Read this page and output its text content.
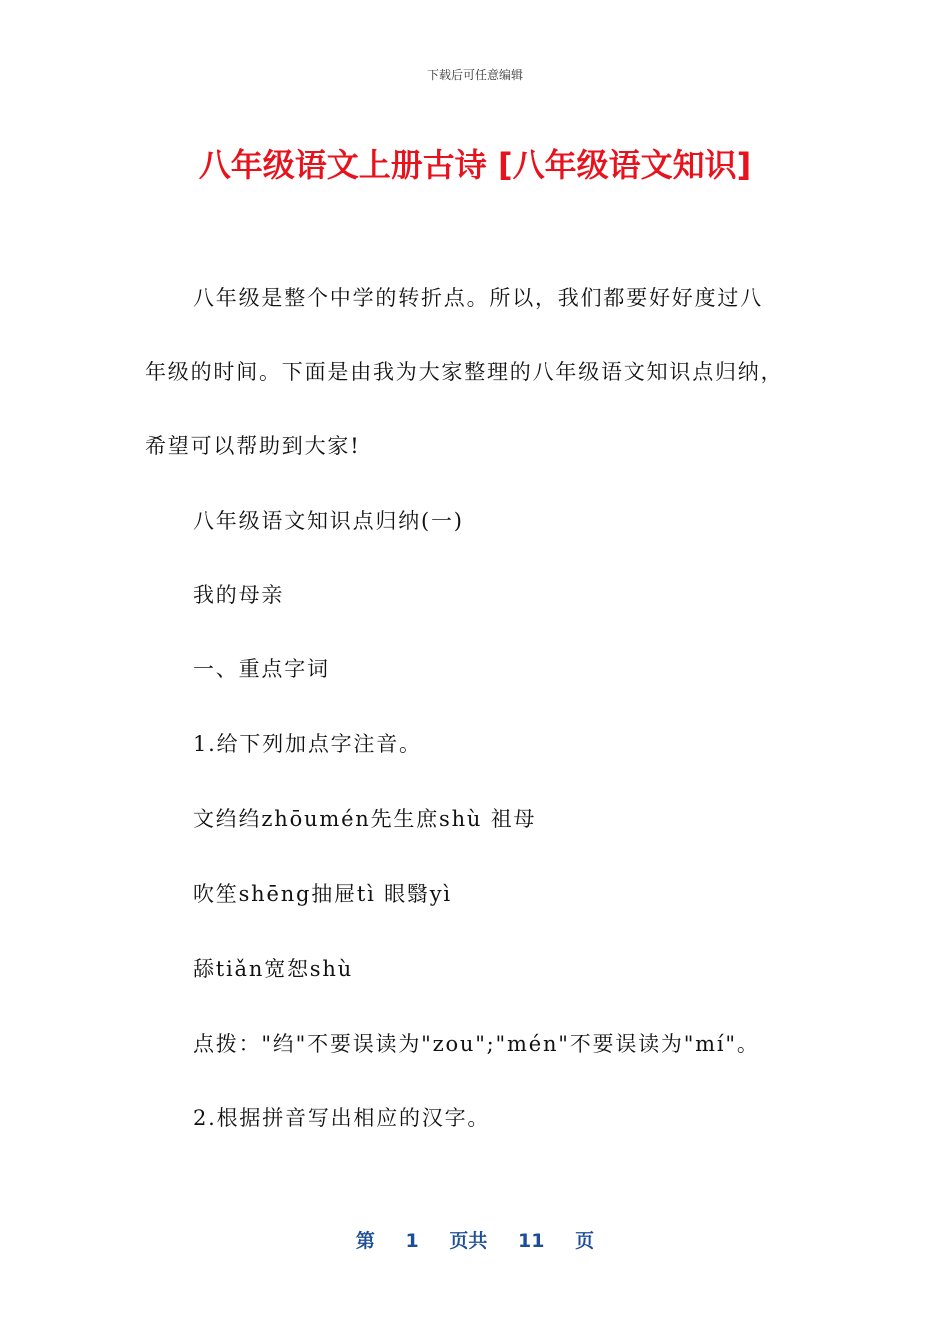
下载后可任意编辑
八年级语文上册古诗 [八年级语文知识]
八年级是整个中学的转折点。所以，我们都要好好度过八
年级的时间。下面是由我为大家整理的八年级语文知识点归纳，
希望可以帮助到大家!
八年级语文知识点归纳(一)
我的母亲
一、重点字词
1.给下列加点字注音。
文绉绉zhōumén先生庶shù 祖母
吹笙shēng抽屉tì 眼翳yì
舔tiǎn宽恕shù
点拨："绉"不要误读为"zou";"mén"不要误读为"mí"。
2.根据拼音写出相应的汉字。
第 1 页共 11 页
